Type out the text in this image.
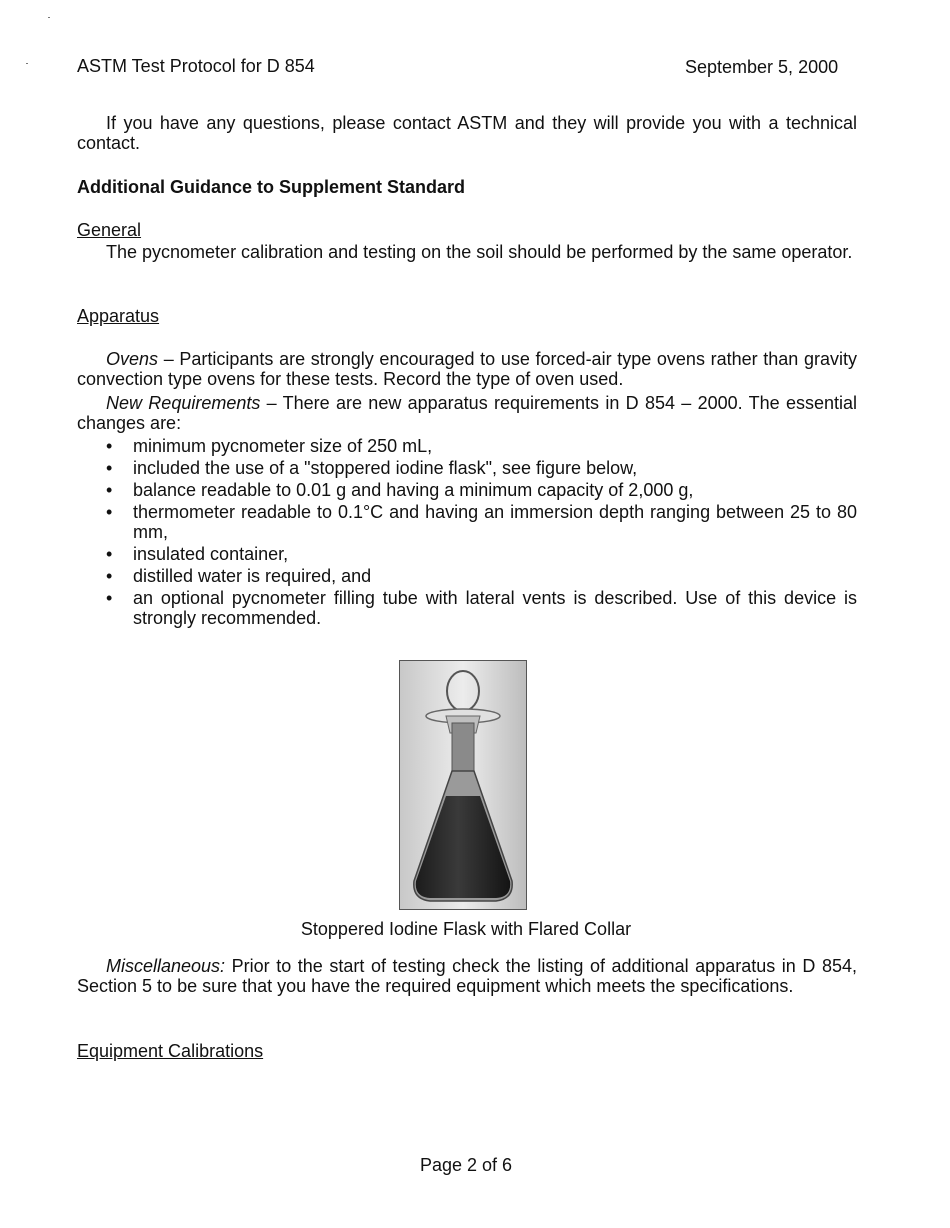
ASTM Test Protocol for D 854	September 5, 2000
If you have any questions, please contact ASTM and they will provide you with a technical contact.
Additional Guidance to Supplement Standard
General
The pycnometer calibration and testing on the soil should be performed by the same operator.
Apparatus
Ovens – Participants are strongly encouraged to use forced-air type ovens rather than gravity convection type ovens for these tests. Record the type of oven used.
New Requirements – There are new apparatus requirements in D 854 – 2000. The essential changes are:
• minimum pycnometer size of 250 mL,
• included the use of a "stoppered iodine flask", see figure below,
• balance readable to 0.01 g and having a minimum capacity of 2,000 g,
• thermometer readable to 0.1°C and having an immersion depth ranging between 25 to 80 mm,
• insulated container,
• distilled water is required, and
• an optional pycnometer filling tube with lateral vents is described. Use of this device is strongly recommended.
Stoppered Iodine Flask with Flared Collar
Miscellaneous: Prior to the start of testing check the listing of additional apparatus in D 854, Section 5 to be sure that you have the required equipment which meets the specifications.
Equipment Calibrations
Page 2 of 6
